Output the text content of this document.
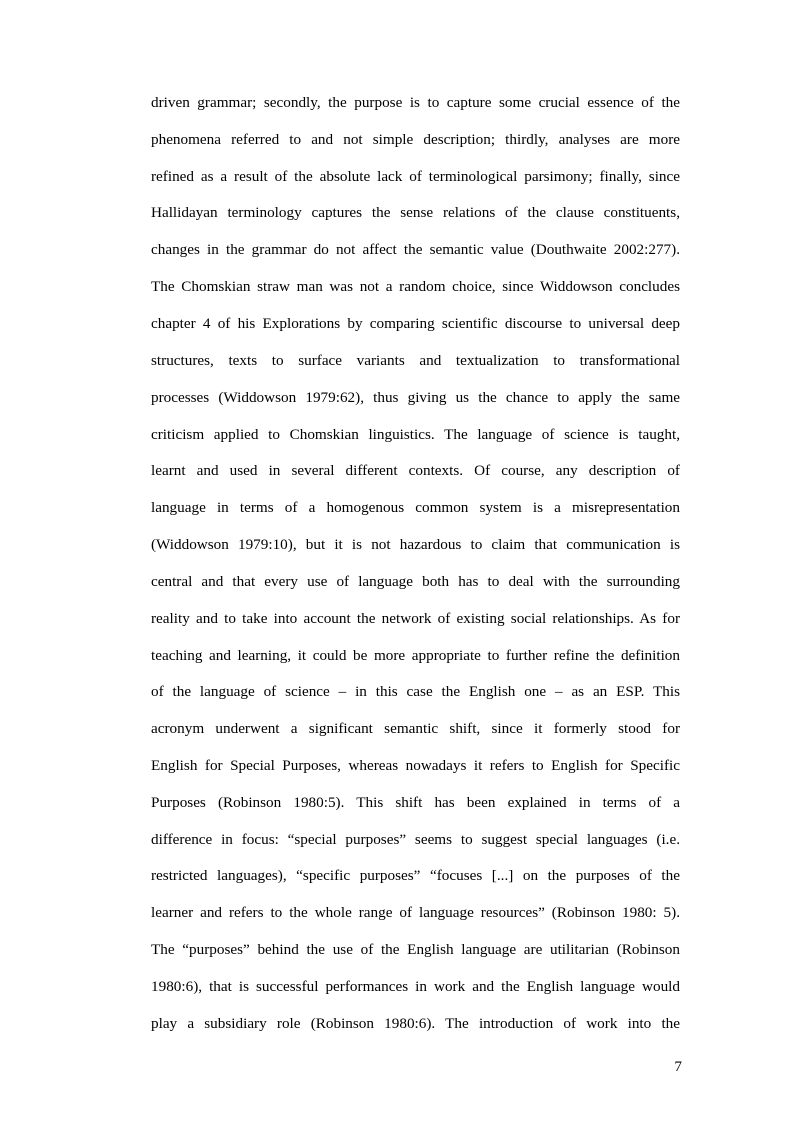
driven grammar; secondly, the purpose is to capture some crucial essence of the
phenomena referred to and not simple description; thirdly, analyses are more
refined as a result of the absolute lack of terminological parsimony; finally, since
Hallidayan terminology captures the sense relations of the clause constituents,
changes in the grammar do not affect the semantic value (Douthwaite 2002:277).
The Chomskian straw man was not a random choice, since Widdowson concludes
chapter 4 of his Explorations by comparing scientific discourse to universal deep
structures, texts to surface variants and textualization to transformational
processes (Widdowson 1979:62), thus giving us the chance to apply the same
criticism applied to Chomskian linguistics. The language of science is taught,
learnt and used in several different contexts. Of course, any description of
language in terms of a homogenous common system is a misrepresentation
(Widdowson 1979:10), but it is not hazardous to claim that communication is
central and that every use of language both has to deal with the surrounding
reality and to take into account the network of existing social relationships. As for
teaching and learning, it could be more appropriate to further refine the definition
of the language of science – in this case the English one – as an ESP. This
acronym underwent a significant semantic shift, since it formerly stood for
English for Special Purposes, whereas nowadays it refers to English for Specific
Purposes (Robinson 1980:5). This shift has been explained in terms of a
difference in focus: “special purposes” seems to suggest special languages (i.e.
restricted languages), “specific purposes” “focuses [...] on the purposes of the
learner and refers to the whole range of language resources” (Robinson 1980: 5).
The “purposes” behind the use of the English language are utilitarian (Robinson
1980:6), that is successful performances in work and the English language would
play a subsidiary role (Robinson 1980:6). The introduction of work into the
7
